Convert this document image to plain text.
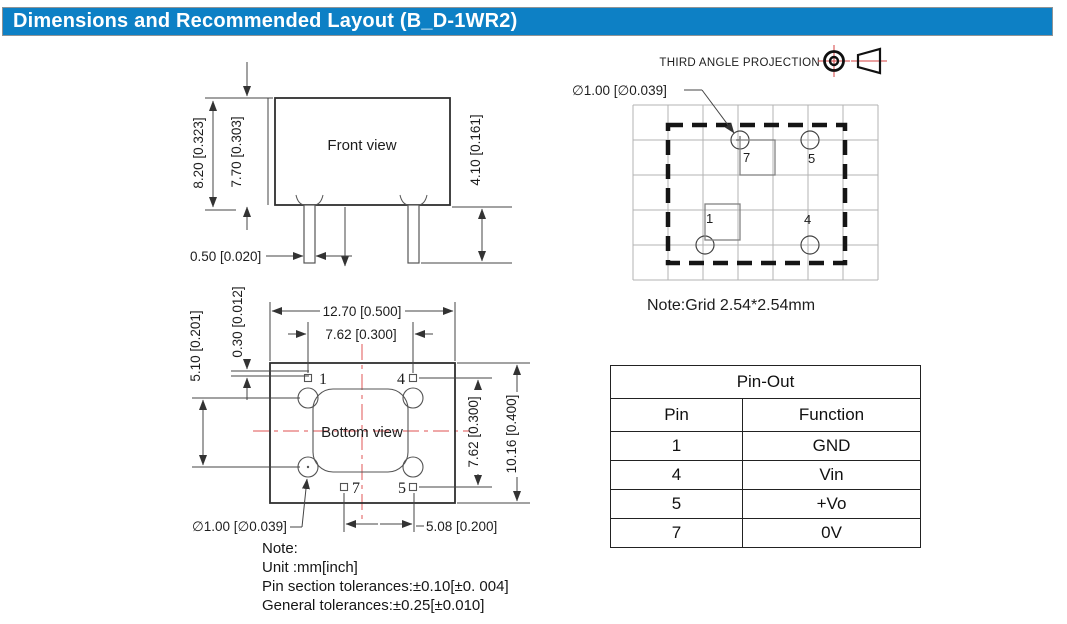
Dimensions and Recommended Layout (B_D-1WR2)
8.20 [0.323] 7.70 [0.303]	4.10 [0.161]
0.50 [0.020]
Front view
1	4
7 5
12.70 [0.500]
7.62 [0.300]
7.62 [0.300] 10.16 [0.400]
5.08 [0.200]
5.10 [0.201] 0.30 [0.012]
∅1.00 [∅0.039]
Bottom view
7	5
1	4
∅1.00 [∅0.039]
Note:Grid 2.54*2.54mm
THIRD ANGLE PROJECTION
Pin-Out	
Pin	Function
1	GND
4	Vin
5	+Vo
7	0V
Note:
Unit :mm[inch]
Pin section tolerances:±0.10[±0. 004]
General tolerances:±0.25[±0.010]
